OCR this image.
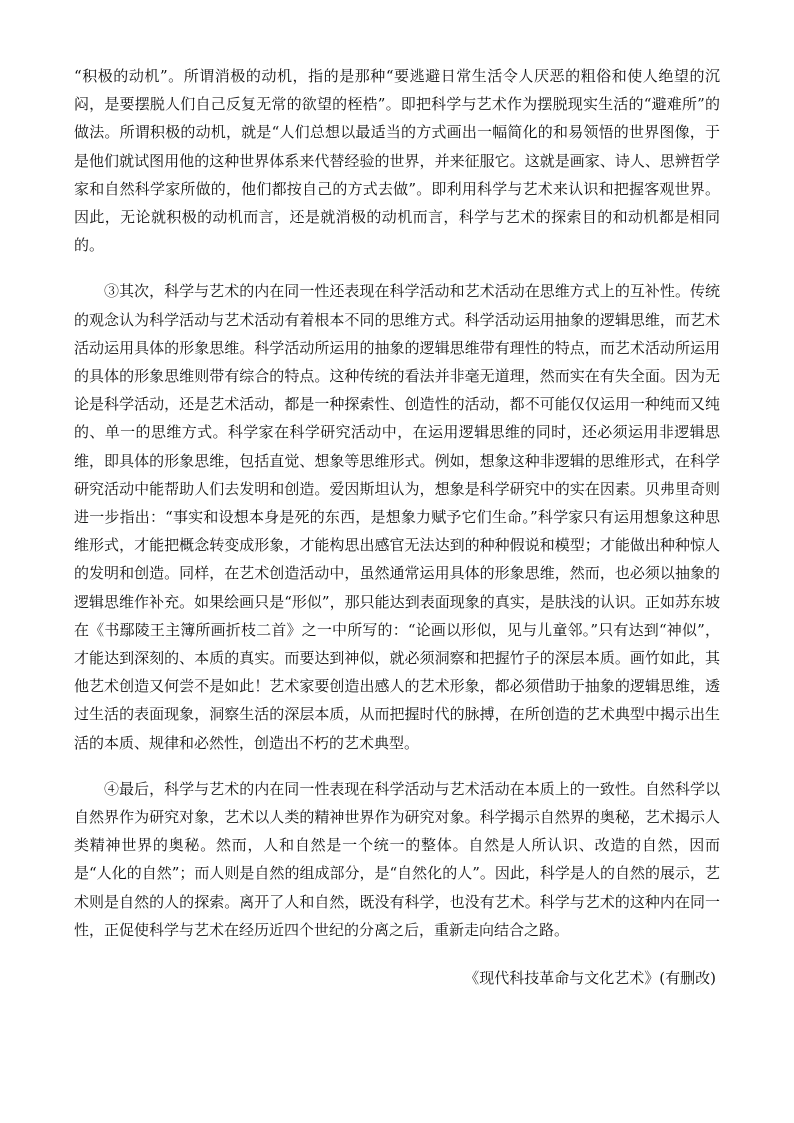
“积极的动机”。所谓消极的动机，指的是那种“要逃避日常生活令人厌恶的粗俗和使人绝望的沉闷，是要摆脱人们自己反复无常的欲望的桎梏”。即把科学与艺术作为摆脱现实生活的“避难所”的做法。所谓积极的动机，就是“人们总想以最适当的方式画出一幅简化的和易领悟的世界图像，于是他们就试图用他的这种世界体系来代替经验的世界，并来征服它。这就是画家、诗人、思辨哲学家和自然科学家所做的，他们都按自己的方式去做”。即利用科学与艺术来认识和把握客观世界。因此，无论就积极的动机而言，还是就消极的动机而言，科学与艺术的探索目的和动机都是相同的。

③其次，科学与艺术的内在同一性还表现在科学活动和艺术活动在思维方式上的互补性。传统的观念认为科学活动与艺术活动有着根本不同的思维方式。科学活动运用抽象的逻辑思维，而艺术活动运用具体的形象思维。科学活动所运用的抽象的逻辑思维带有理性的特点，而艺术活动所运用的具体的形象思维则带有综合的特点。这种传统的看法并非毫无道理，然而实在有失全面。因为无论是科学活动，还是艺术活动，都是一种探索性、创造性的活动，都不可能仅仅运用一种纯而又纯的、单一的思维方式。科学家在科学研究活动中，在运用逻辑思维的同时，还必须运用非逻辑思维，即具体的形象思维，包括直觉、想象等思维形式。例如，想象这种非逻辑的思维形式，在科学研究活动中能帮助人们去发明和创造。爱因斯坦认为，想象是科学研究中的实在因素。贝弗里奇则进一步指出：“事实和设想本身是死的东西，是想象力赋予它们生命。”科学家只有运用想象这种思维形式，才能把概念转变成形象，才能构思出感官无法达到的种种假说和模型；才能做出种种惊人的发明和创造。同样，在艺术创造活动中，虽然通常运用具体的形象思维，然而，也必须以抽象的逻辑思维作补充。如果绘画只是“形似”，那只能达到表面现象的真实，是肤浅的认识。正如苏东坡在《书鄢陵王主簿所画折枝二首》之一中所写的：“论画以形似，见与儿童邻。”只有达到“神似”，才能达到深刻的、本质的真实。而要达到神似，就必须洞察和把握竹子的深层本质。画竹如此，其他艺术创造又何尝不是如此！艺术家要创造出感人的艺术形象，都必须借助于抽象的逻辑思维，透过生活的表面现象，洞察生活的深层本质，从而把握时代的脉搏，在所创造的艺术典型中揭示出生活的本质、规律和必然性，创造出不朽的艺术典型。

④最后，科学与艺术的内在同一性表现在科学活动与艺术活动在本质上的一致性。自然科学以自然界作为研究对象，艺术以人类的精神世界作为研究对象。科学揭示自然界的奥秘，艺术揭示人类精神世界的奥秘。然而，人和自然是一个统一的整体。自然是人所认识、改造的自然，因而是“人化的自然”；而人则是自然的组成部分，是“自然化的人”。因此，科学是人的自然的展示，艺术则是自然的人的探索。离开了人和自然，既没有科学，也没有艺术。科学与艺术的这种内在同一性，正促使科学与艺术在经历近四个世纪的分离之后，重新走向结合之路。

《现代科技革命与文化艺术》(有删改)
